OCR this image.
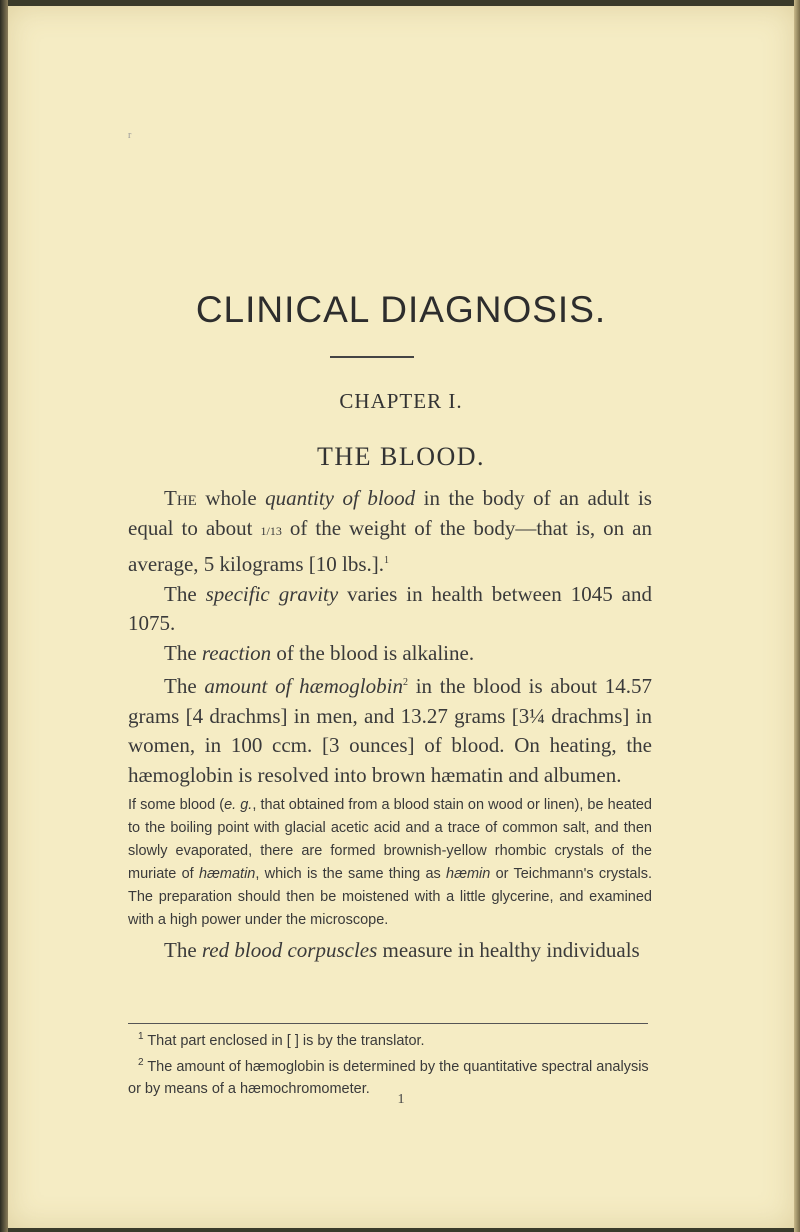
r
CLINICAL DIAGNOSIS.
CHAPTER I.
THE BLOOD.

The whole quantity of blood in the body of an adult is equal to about 1/13 of the weight of the body—that is, on an average, 5 kilograms [10 lbs.].$^1$

The specific gravity varies in health between 1045 and 1075.

The reaction of the blood is alkaline.

The amount of hæmoglobin$^2$ in the blood is about 14.57 grams [4 drachms] in men, and 13.27 grams [3¼ drachms] in women, in 100 ccm. [3 ounces] of blood. On heating, the hæmoglobin is resolved into brown hæmatin and albumen.

If some blood (e. g., that obtained from a blood stain on wood or linen), be heated to the boiling point with glacial acetic acid and a trace of common salt, and then slowly evaporated, there are formed brownish-yellow rhombic crystals of the muriate of hæmatin, which is the same thing as hæmin or Teichmann's crystals. The preparation should then be moistened with a little glycerine, and examined with a high power under the microscope.

The red blood corpuscles measure in healthy individuals

$^1$ That part enclosed in [ ] is by the translator.

$^2$ The amount of hæmoglobin is determined by the quantitative spectral analysis or by means of a hæmochromometer.

1
